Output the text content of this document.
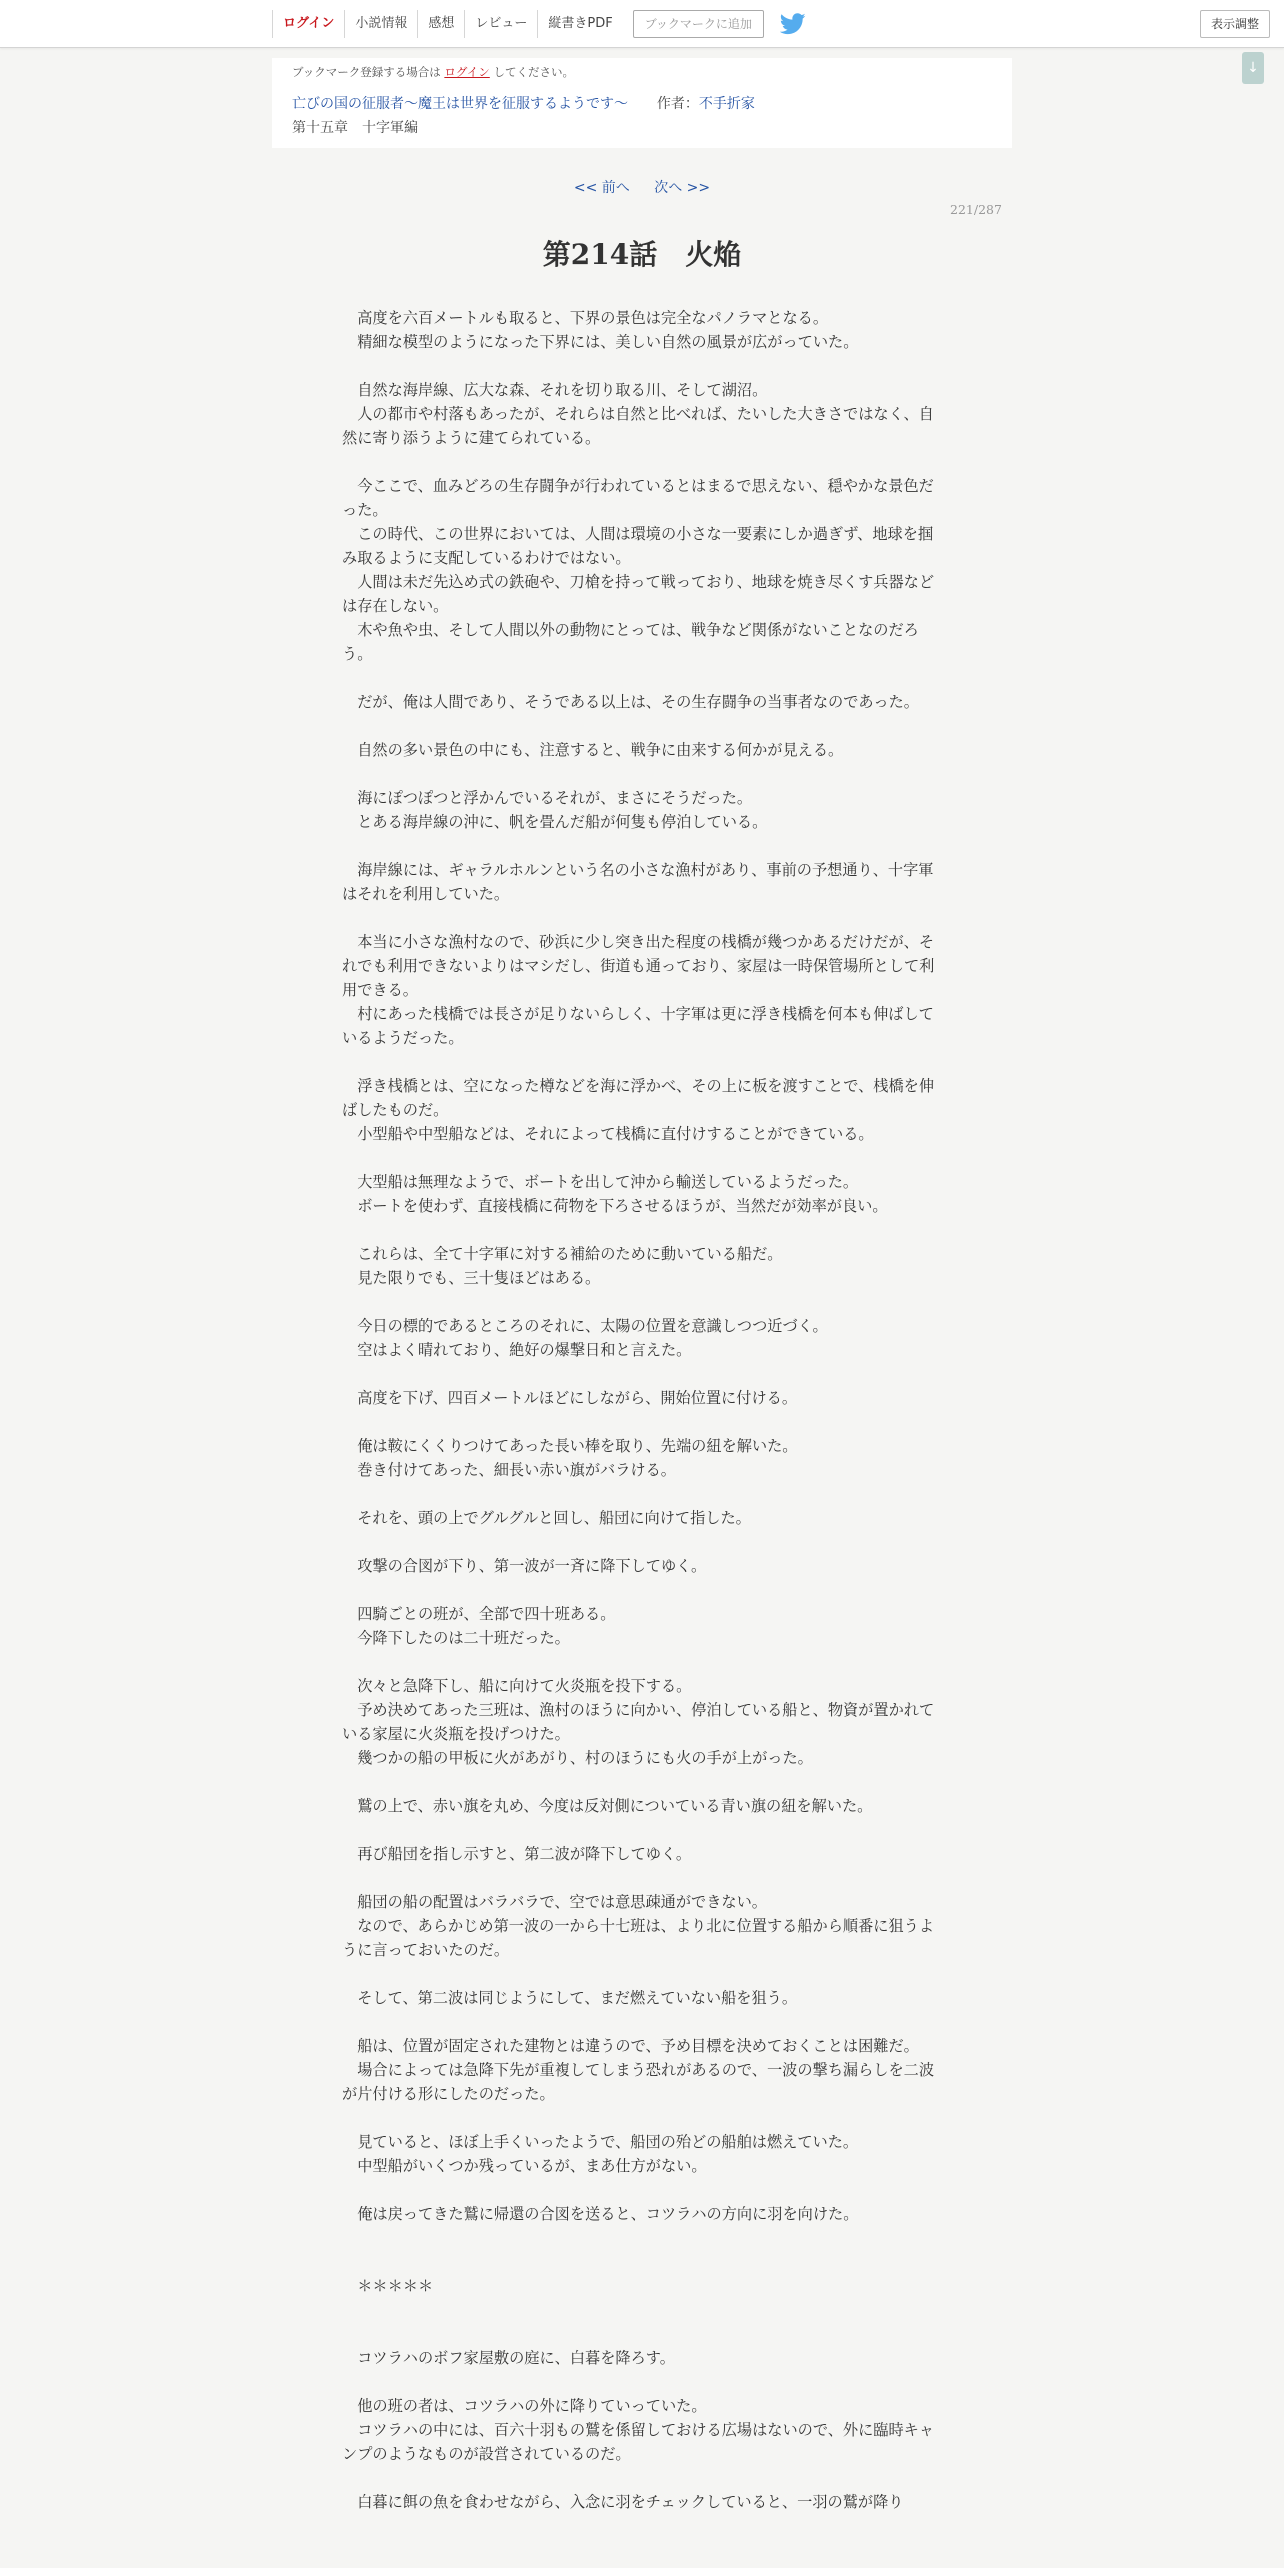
ログイン	小説情報	感想	レビュー	縦書きPDF	ブックマークに追加	表示調整
ブックマーク登録する場合は ログイン してください。
亡びの国の征服者～魔王は世界を征服するようです～ 作者：不手折家
第十五章　十字軍編
↓
<< 前へ 次へ >>
221/287
第214話　火焔

　高度を六百メートルも取ると、下界の景色は完全なパノラマとなる。

　精細な模型のようになった下界には、美しい自然の風景が広がっていた。

　自然な海岸線、広大な森、それを切り取る川、そして湖沼。

　人の都市や村落もあったが、それらは自然と比べれば、たいした大きさではなく、自然に寄り添うように建てられている。

　今ここで、血みどろの生存闘争が行われているとはまるで思えない、穏やかな景色だった。

　この時代、この世界においては、人間は環境の小さな一要素にしか過ぎず、地球を掴み取るように支配しているわけではない。

　人間は未だ先込め式の鉄砲や、刀槍を持って戦っており、地球を焼き尽くす兵器などは存在しない。

　木や魚や虫、そして人間以外の動物にとっては、戦争など関係がないことなのだろう。

　だが、俺は人間であり、そうである以上は、その生存闘争の当事者なのであった。

　自然の多い景色の中にも、注意すると、戦争に由来する何かが見える。

　海にぽつぽつと浮かんでいるそれが、まさにそうだった。

　とある海岸線の沖に、帆を畳んだ船が何隻も停泊している。

　海岸線には、ギャラルホルンという名の小さな漁村があり、事前の予想通り、十字軍はそれを利用していた。

　本当に小さな漁村なので、砂浜に少し突き出た程度の桟橋が幾つかあるだけだが、それでも利用できないよりはマシだし、街道も通っており、家屋は一時保管場所として利用できる。

　村にあった桟橋では長さが足りないらしく、十字軍は更に浮き桟橋を何本も伸ばしているようだった。

　浮き桟橋とは、空になった樽などを海に浮かべ、その上に板を渡すことで、桟橋を伸ばしたものだ。

　小型船や中型船などは、それによって桟橋に直付けすることができている。

　大型船は無理なようで、ボートを出して沖から輸送しているようだった。

　ボートを使わず、直接桟橋に荷物を下ろさせるほうが、当然だが効率が良い。

　これらは、全て十字軍に対する補給のために動いている船だ。

　見た限りでも、三十隻ほどはある。

　今日の標的であるところのそれに、太陽の位置を意識しつつ近づく。

　空はよく晴れており、絶好の爆撃日和と言えた。

　高度を下げ、四百メートルほどにしながら、開始位置に付ける。

　俺は鞍にくくりつけてあった長い棒を取り、先端の紐を解いた。

　巻き付けてあった、細長い赤い旗がバラける。

　それを、頭の上でグルグルと回し、船団に向けて指した。

　攻撃の合図が下り、第一波が一斉に降下してゆく。

　四騎ごとの班が、全部で四十班ある。

　今降下したのは二十班だった。

　次々と急降下し、船に向けて火炎瓶を投下する。

　予め決めてあった三班は、漁村のほうに向かい、停泊している船と、物資が置かれている家屋に火炎瓶を投げつけた。

　幾つかの船の甲板に火があがり、村のほうにも火の手が上がった。

　鷲の上で、赤い旗を丸め、今度は反対側についている青い旗の紐を解いた。

　再び船団を指し示すと、第二波が降下してゆく。

　船団の船の配置はバラバラで、空では意思疎通ができない。

　なので、あらかじめ第一波の一から十七班は、より北に位置する船から順番に狙うように言っておいたのだ。

　そして、第二波は同じようにして、まだ燃えていない船を狙う。

　船は、位置が固定された建物とは違うので、予め目標を決めておくことは困難だ。

　場合によっては急降下先が重複してしまう恐れがあるので、一波の撃ち漏らしを二波が片付ける形にしたのだった。

　見ていると、ほぼ上手くいったようで、船団の殆どの船舶は燃えていた。

　中型船がいくつか残っているが、まあ仕方がない。

　俺は戻ってきた鷲に帰還の合図を送ると、コツラハの方向に羽を向けた。

　＊＊＊＊＊

　コツラハのボフ家屋敷の庭に、白暮を降ろす。

　他の班の者は、コツラハの外に降りていっていた。

　コツラハの中には、百六十羽もの鷲を係留しておける広場はないので、外に臨時キャンプのようなものが設営されているのだ。

　白暮に餌の魚を食わせながら、入念に羽をチェックしていると、一羽の鷲が降り
